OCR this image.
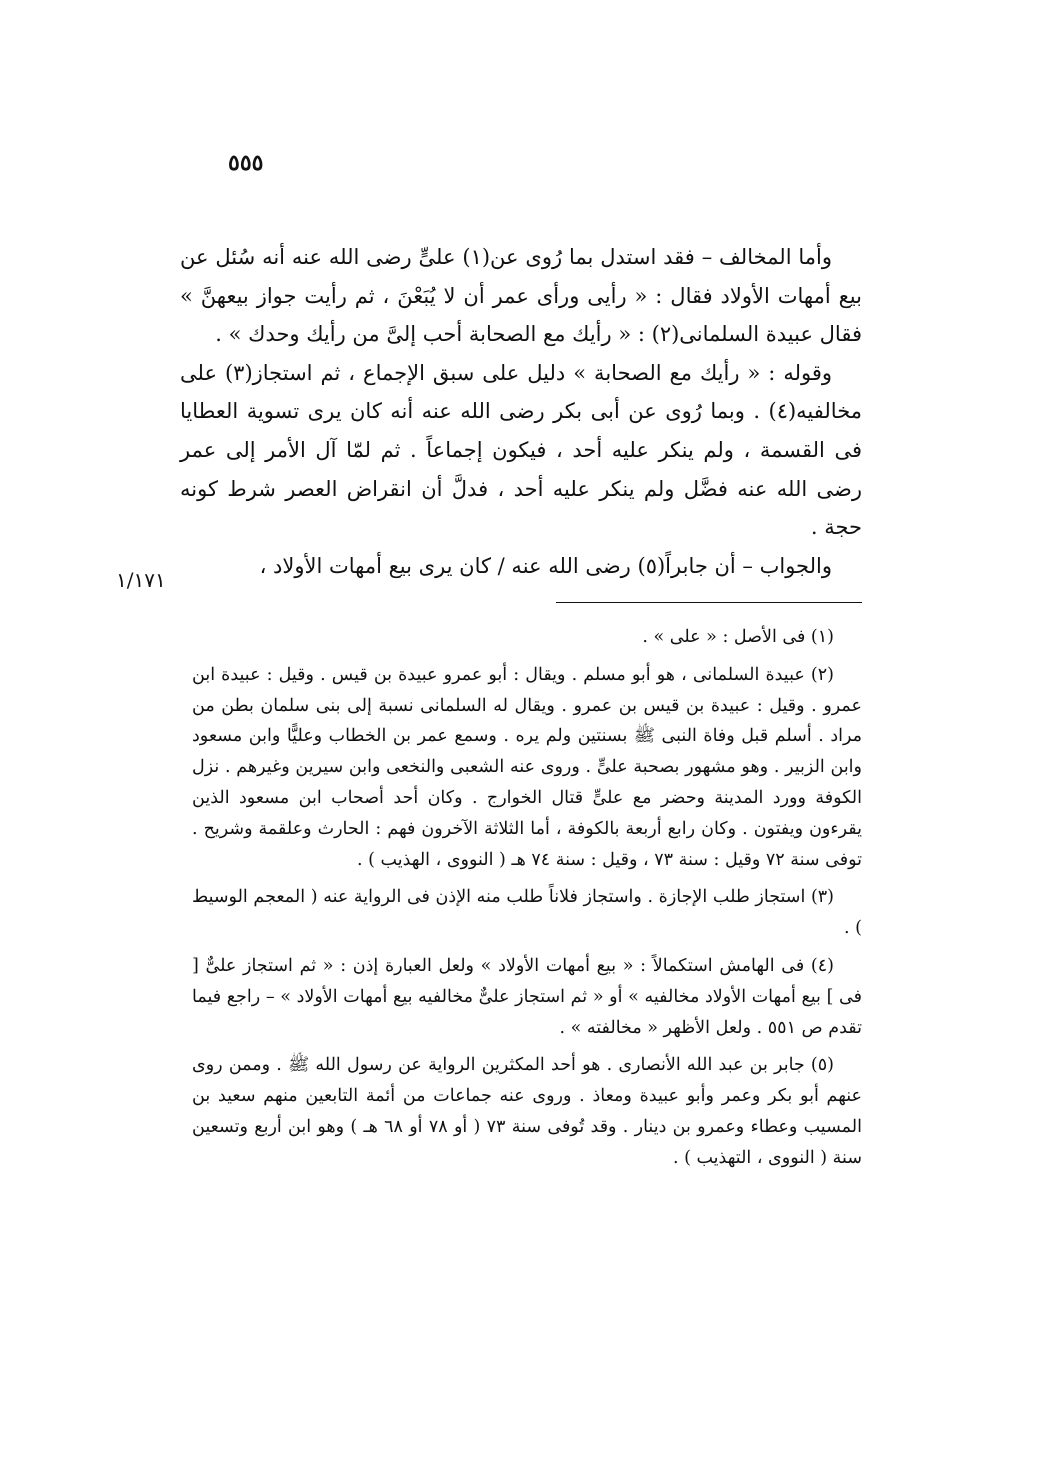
٥٥٥

وأما المخالف – فقد استدل بما رُوى عن(١) علىٍّ رضى الله عنه أنه سُئل عن بيع أمهات الأولاد فقال : « رأيى ورأى عمر أن لا يُبَعْنَ ، ثم رأيت جواز بيعهنَّ » فقال عبيدة السلمانى(٢) : « رأيك مع الصحابة أحب إلىَّ من رأيك وحدك » .

وقوله : « رأيك مع الصحابة » دليل على سبق الإجماع ، ثم استجاز(٣) على مخالفيه(٤) . وبما رُوى عن أبى بكر رضى الله عنه أنه كان يرى تسوية العطايا فى القسمة ، ولم ينكر عليه أحد ، فيكون إجماعاً . ثم لمّا آل الأمر إلى عمر رضى الله عنه فضَّل ولم ينكر عليه أحد ، فدلَّ أن انقراض العصر شرط كونه حجة .

والجواب – أن جابراً(٥) رضى الله عنه / كان يرى بيع أمهات الأولاد ،

١/١٧١

(١) فى الأصل : « على » .

(٢) عبيدة السلمانى ، هو أبو مسلم . ويقال : أبو عمرو عبيدة بن قيس . وقيل : عبيدة ابن عمرو . وقيل : عبيدة بن قيس بن عمرو . ويقال له السلمانى نسبة إلى بنى سلمان بطن من مراد . أسلم قبل وفاة النبى ﷺ بسنتين ولم يره . وسمع عمر بن الخطاب وعليًّا وابن مسعود وابن الزبير . وهو مشهور بصحبة علىٍّ . وروى عنه الشعبى والنخعى وابن سيرين وغيرهم . نزل الكوفة وورد المدينة وحضر مع علىٍّ قتال الخوارج . وكان أحد أصحاب ابن مسعود الذين يقرءون ويفتون . وكان رابع أربعة بالكوفة ، أما الثلاثة الآخرون فهم : الحارث وعلقمة وشريح . توفى سنة ٧٢ وقيل : سنة ٧٣ ، وقيل : سنة ٧٤ هـ ( النووى ، الهذيب ) .

(٣) استجاز طلب الإجازة . واستجاز فلاناً طلب منه الإذن فى الرواية عنه ( المعجم الوسيط ) .

(٤) فى الهامش استكمالاً : « بيع أمهات الأولاد » ولعل العبارة إذن : « ثم استجاز علىٌّ [ فى ] بيع أمهات الأولاد مخالفيه » أو « ثم استجاز علىٌّ مخالفيه بيع أمهات الأولاد » – راجع فيما تقدم ص ٥٥١ . ولعل الأظهر « مخالفته » .

(٥) جابر بن عبد الله الأنصارى . هو أحد المكثرين الرواية عن رسول الله ﷺ . وممن روى عنهم أبو بكر وعمر وأبو عبيدة ومعاذ . وروى عنه جماعات من أئمة التابعين منهم سعيد بن المسيب وعطاء وعمرو بن دينار . وقد تُوفى سنة ٧٣ ( أو ٧٨ أو ٦٨ هـ ) وهو ابن أربع وتسعين سنة ( النووى ، التهذيب ) .
